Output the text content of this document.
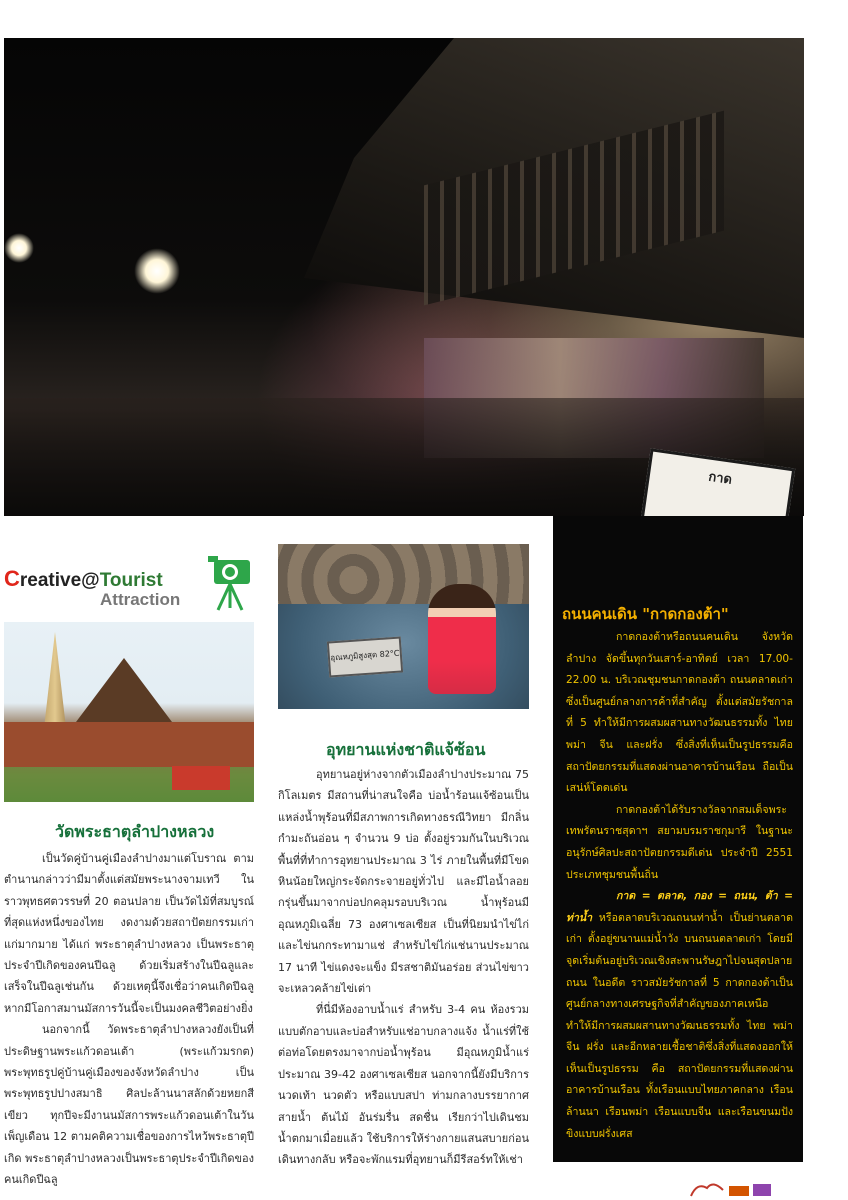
กาด
Creative@Tourist
Attraction
อุณหภูมิสูงสุด 82°C
วัดพระธาตุลำปางหลวง

เป็นวัดคู่บ้านคู่เมืองลำปางมาแต่โบราณ ตามตำนานกล่าวว่ามีมาตั้งแต่สมัยพระนางจามเทวี ในราวพุทธศตวรรษที่ 20 ตอนปลาย เป็นวัดไม้ที่สมบูรณ์ที่สุดแห่งหนึ่งของไทย งดงามด้วยสถาปัตยกรรมเก่าแก่มากมาย ได้แก่ พระธาตุลำปางหลวง เป็นพระธาตุประจำปีเกิดของคนปีฉลู ด้วยเริ่มสร้างในปีฉลูและเสร็จในปีฉลูเช่นกัน ด้วยเหตุนี้จึงเชื่อว่าคนเกิดปีฉลูหากมีโอกาสมานมัสการวันนี้จะเป็นมงคลชีวิตอย่างยิ่ง

นอกจากนี้ วัดพระธาตุลำปางหลวงยังเป็นที่ประดิษฐานพระแก้วดอนเต้า (พระแก้วมรกต) พระพุทธรูปคู่บ้านคู่เมืองของจังหวัดลำปาง เป็นพระพุทธรูปปางสมาธิ ศิลปะล้านนาสลักด้วยหยกสีเขียว ทุกปีจะมีงานนมัสการพระแก้วดอนเต้าในวันเพ็ญเดือน 12 ตามคติความเชื่อของการไหว้พระธาตุปีเกิด พระธาตุลำปางหลวงเป็นพระธาตุประจำปีเกิดของคนเกิดปีฉลู

อุทยานแห่งชาติแจ้ซ้อน

อุทยานอยู่ห่างจากตัวเมืองลำปางประมาณ 75 กิโลเมตร มีสถานที่น่าสนใจคือ บ่อน้ำร้อนแจ้ซ้อนเป็นแหล่งน้ำพุร้อนที่มีสภาพการเกิดทางธรณีวิทยา มีกลิ่นกำมะถันอ่อน ๆ จำนวน 9 บ่อ ตั้งอยู่รวมกันในบริเวณพื้นที่ที่ทำการอุทยานประมาณ 3 ไร่ ภายในพื้นที่มีโขดหินน้อยใหญ่กระจัดกระจายอยู่ทั่วไป และมีไอน้ำลอยกรุ่นขึ้นมาจากบ่อปกคลุมรอบบริเวณ น้ำพุร้อนมีอุณหภูมิเฉลี่ย 73 องศาเซลเซียส เป็นที่นิยมนำไข่ไก่และไข่นกกระทามาแช่ สำหรับไข่ไก่แช่นานประมาณ 17 นาที ไข่แดงจะแข็ง มีรสชาติมันอร่อย ส่วนไข่ขาวจะเหลวคล้ายไข่เต่า

ที่นี่มีห้องอาบน้ำแร่ สำหรับ 3-4 คน ห้องรวมแบบตักอาบและบ่อสำหรับแช่อาบกลางแจ้ง น้ำแร่ที่ใช้ต่อท่อโดยตรงมาจากบ่อน้ำพุร้อน มีอุณหภูมิน้ำแร่ประมาณ 39-42 องศาเซลเซียส นอกจากนี้ยังมีบริการนวดเท้า นวดตัว หรือแบบสปา ท่ามกลางบรรยากาศสายน้ำ ต้นไม้ อันร่มรื่น สดชื่น เรียกว่าไปเดินชมน้ำตกมาเมื่อยแล้ว ใช้บริการให้ร่างกายแสนสบายก่อนเดินทางกลับ หรือจะพักแรมที่อุทยานก็มีรีสอร์ทให้เช่า

ถนนคนเดิน "กาดกองต้า"

กาดกองต้าหรือถนนคนเดิน จังหวัดลำปาง จัดขึ้นทุกวันเสาร์-อาทิตย์ เวลา 17.00-22.00 น. บริเวณชุมชนกาดกองต้า ถนนตลาดเก่า ซึ่งเป็นศูนย์กลางการค้าที่สำคัญ ตั้งแต่สมัยรัชกาลที่ 5 ทำให้มีการผสมผสานทางวัฒนธรรมทั้ง ไทย พม่า จีน และฝรั่ง ซึ่งสิ่งที่เห็นเป็นรูปธรรมคือ สถาปัตยกรรมที่แสดงผ่านอาคารบ้านเรือน ถือเป็นเสน่ห์โดดเด่น

กาดกองต้าได้รับรางวัลจากสมเด็จพระเทพรัตนราชสุดาฯ สยามบรมราชกุมารี ในฐานะอนุรักษ์ศิลปะสถาปัตยกรรมดีเด่น ประจำปี 2551 ประเภทชุมชนพื้นถิ่น

กาด = ตลาด, กอง = ถนน, ต้า = ท่าน้ำ หรือตลาดบริเวณถนนท่าน้ำ เป็นย่านตลาดเก่า ตั้งอยู่ขนานแม่น้ำวัง บนถนนตลาดเก่า โดยมีจุดเริ่มต้นอยู่บริเวณเชิงสะพานรัษฎาไปจนสุดปลายถนน ในอดีต ราวสมัยรัชกาลที่ 5 กาดกองต้าเป็นศูนย์กลางทางเศรษฐกิจที่สำคัญของภาคเหนือ ทำให้มีการผสมผสานทางวัฒนธรรมทั้ง ไทย พม่า จีน ฝรั่ง และอีกหลายเชื้อชาติซึ่งสิ่งที่แสดงออกให้เห็นเป็นรูปธรรม คือ สถาปัตยกรรมที่แสดงผ่านอาคารบ้านเรือน ทั้งเรือนแบบไทยภาคกลาง เรือนล้านนา เรือนพม่า เรือนแบบจีน และเรือนขนมปังขิงแบบฝรั่งเศส
